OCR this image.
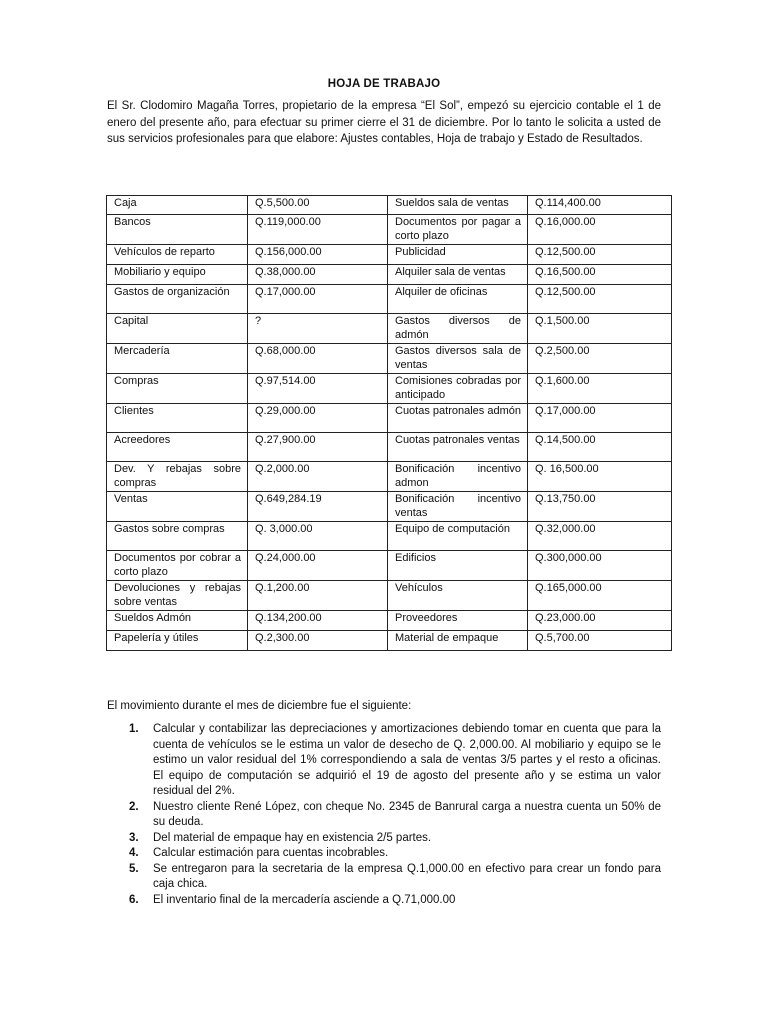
HOJA DE TRABAJO

El Sr. Clodomiro Magaña Torres, propietario de la empresa “El Sol”, empezó su ejercicio contable el 1 de enero del presente año, para efectuar su primer cierre el 31 de diciembre. Por lo tanto le solicita a usted de sus servicios profesionales para que elabore: Ajustes contables, Hoja de trabajo y Estado de Resultados.

Caja	Q.5,500.00	Sueldos sala de ventas	Q.114,400.00
Bancos	Q.119,000.00	Documentos por pagar a corto plazo	Q.16,000.00
Vehículos de reparto	Q.156,000.00	Publicidad	Q.12,500.00
Mobiliario y equipo	Q.38,000.00	Alquiler sala de ventas	Q.16,500.00
Gastos de organización	Q.17,000.00	Alquiler de oficinas	Q.12,500.00
Capital	?	Gastos diversos de admón	Q.1,500.00
Mercadería	Q.68,000.00	Gastos diversos sala de ventas	Q.2,500.00
Compras	Q.97,514.00	Comisiones cobradas por anticipado	Q.1,600.00
Clientes	Q.29,000.00	Cuotas patronales admón	Q.17,000.00
Acreedores	Q.27,900.00	Cuotas patronales ventas	Q.14,500.00
Dev. Y rebajas sobre compras	Q.2,000.00	Bonificación incentivo admon	Q. 16,500.00
Ventas	Q.649,284.19	Bonificación incentivo ventas	Q.13,750.00
Gastos sobre compras	Q. 3,000.00	Equipo de computación	Q.32,000.00
Documentos por cobrar a corto plazo	Q.24,000.00	Edificios	Q.300,000.00
Devoluciones y rebajas sobre ventas	Q.1,200.00	Vehículos	Q.165,000.00
Sueldos Admón	Q.134,200.00	Proveedores	Q.23,000.00
Papelería y útiles	Q.2,300.00	Material de empaque	Q.5,700.00

El movimiento durante el mes de diciembre fue el siguiente:

1. Calcular y contabilizar las depreciaciones y amortizaciones debiendo tomar en cuenta que para la cuenta de vehículos se le estima un valor de desecho de Q. 2,000.00. Al mobiliario y equipo se le estimo un valor residual del 1% correspondiendo a sala de ventas 3/5 partes y el resto a oficinas. El equipo de computación se adquirió el 19 de agosto del presente año y se estima un valor residual del 2%.
2. Nuestro cliente René López, con cheque No. 2345 de Banrural carga a nuestra cuenta un 50% de su deuda.
3. Del material de empaque hay en existencia 2/5 partes.
4. Calcular estimación para cuentas incobrables.
5. Se entregaron para la secretaria de la empresa Q.1,000.00 en efectivo para crear un fondo para caja chica.
6. El inventario final de la mercadería asciende a Q.71,000.00
